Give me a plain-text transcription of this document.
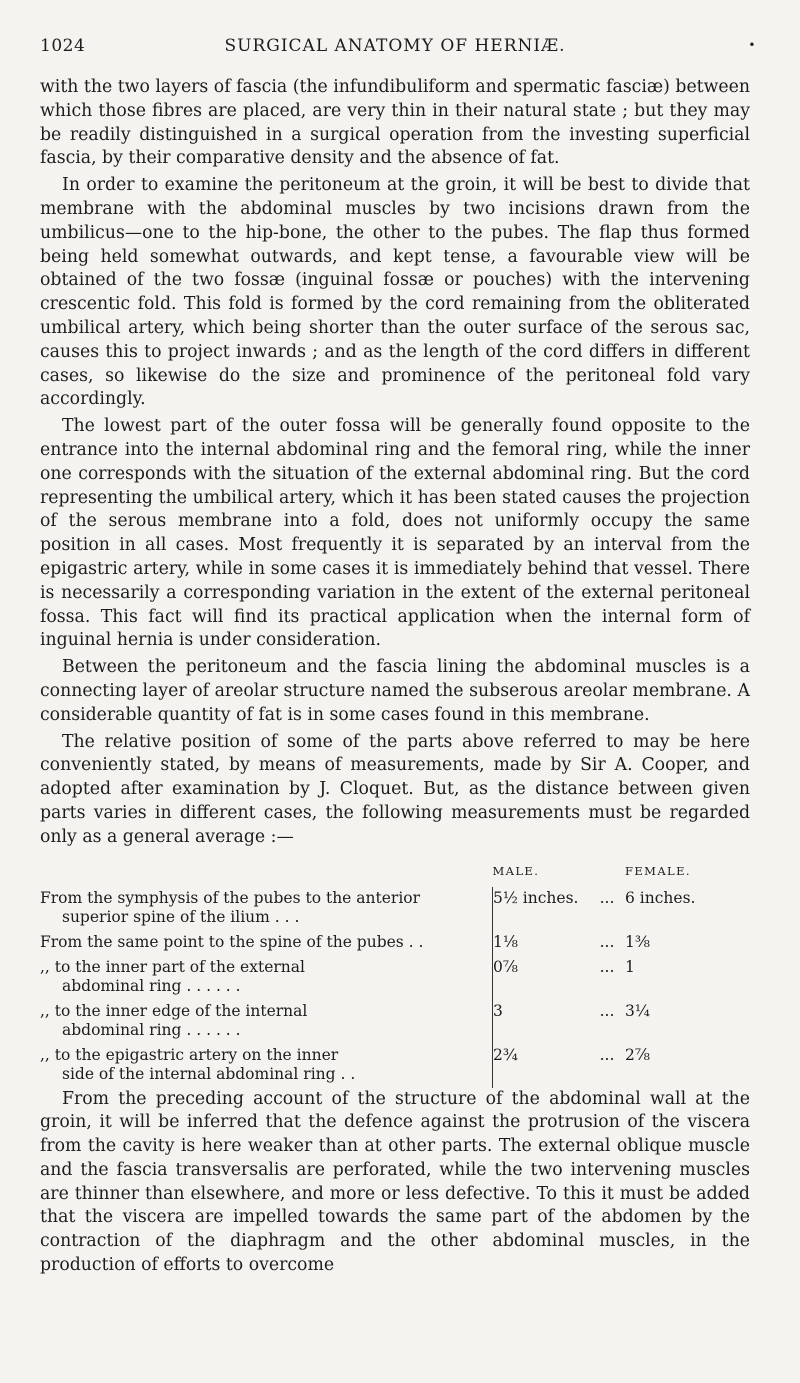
1024	SURGICAL ANATOMY OF HERNIÆ.	•

with the two layers of fascia (the infundibuliform and spermatic fasciæ) between which those fibres are placed, are very thin in their natural state ; but they may be readily distinguished in a surgical operation from the investing superficial fascia, by their comparative density and the absence of fat.

In order to examine the peritoneum at the groin, it will be best to divide that membrane with the abdominal muscles by two incisions drawn from the umbilicus—one to the hip-bone, the other to the pubes. The flap thus formed being held somewhat outwards, and kept tense, a favourable view will be obtained of the two fossæ (inguinal fossæ or pouches) with the intervening crescentic fold. This fold is formed by the cord remaining from the obliterated umbilical artery, which being shorter than the outer surface of the serous sac, causes this to project inwards ; and as the length of the cord differs in different cases, so likewise do the size and prominence of the peritoneal fold vary accordingly.

The lowest part of the outer fossa will be generally found opposite to the entrance into the internal abdominal ring and the femoral ring, while the inner one corresponds with the situation of the external abdominal ring. But the cord representing the umbilical artery, which it has been stated causes the projection of the serous membrane into a fold, does not uniformly occupy the same position in all cases. Most frequently it is separated by an interval from the epigastric artery, while in some cases it is immediately behind that vessel. There is necessarily a corresponding variation in the extent of the external peritoneal fossa. This fact will find its practical application when the internal form of inguinal hernia is under consideration.

Between the peritoneum and the fascia lining the abdominal muscles is a connecting layer of areolar structure named the subserous areolar membrane. A considerable quantity of fat is in some cases found in this membrane.

The relative position of some of the parts above referred to may be here conveniently stated, by means of measurements, made by Sir A. Cooper, and adopted after examination by J. Cloquet. But, as the distance between given parts varies in different cases, the following measurements must be regarded only as a general average :—

	MALE.		FEMALE.

From the symphysis of the pubes to the anterior
superior spine of the ilium . . .	5½ inches.	...	6 inches.

From the same point to the spine of the pubes . .	1⅛	...	1⅜

,, to the inner part of the external
abdominal ring . . . . . .	0⅞	...	1

,, to the inner edge of the internal
abdominal ring . . . . . .	3	...	3¼

,, to the epigastric artery on the inner
side of the internal abdominal ring . .	2¾	...	2⅞

From the preceding account of the structure of the abdominal wall at the groin, it will be inferred that the defence against the protrusion of the viscera from the cavity is here weaker than at other parts. The external oblique muscle and the fascia transversalis are perforated, while the two intervening muscles are thinner than elsewhere, and more or less defective. To this it must be added that the viscera are impelled towards the same part of the abdomen by the contraction of the diaphragm and the other abdominal muscles, in the production of efforts to overcome
